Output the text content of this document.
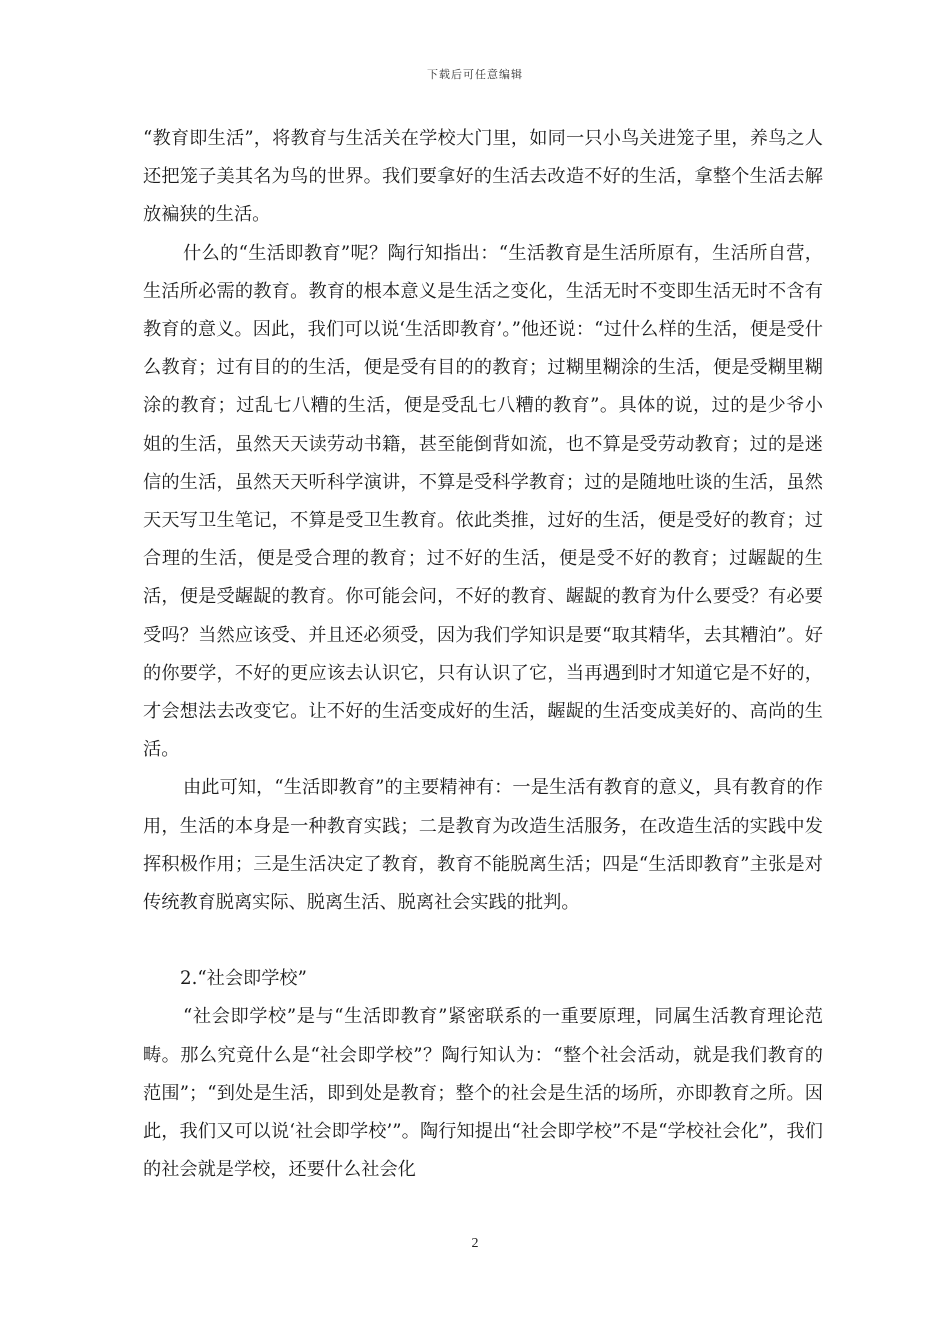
下载后可任意编辑

“教育即生活”，将教育与生活关在学校大门里，如同一只小鸟关进笼子里，养鸟之人还把笼子美其名为鸟的世界。我们要拿好的生活去改造不好的生活，拿整个生活去解放褊狭的生活。

什么的“生活即教育”呢？陶行知指出：“生活教育是生活所原有，生活所自营，生活所必需的教育。教育的根本意义是生活之变化，生活无时不变即生活无时不含有教育的意义。因此，我们可以说‘生活即教育’。”他还说：“过什么样的生活，便是受什么教育；过有目的的生活，便是受有目的的教育；过糊里糊涂的生活，便是受糊里糊涂的教育；过乱七八糟的生活，便是受乱七八糟的教育”。具体的说，过的是少爷小姐的生活，虽然天天读劳动书籍，甚至能倒背如流，也不算是受劳动教育；过的是迷信的生活，虽然天天听科学演讲，不算是受科学教育；过的是随地吐谈的生活，虽然天天写卫生笔记，不算是受卫生教育。依此类推，过好的生活，便是受好的教育；过合理的生活，便是受合理的教育；过不好的生活，便是受不好的教育；过龌龊的生活，便是受龌龊的教育。你可能会问，不好的教育、龌龊的教育为什么要受？有必要受吗？当然应该受、并且还必须受，因为我们学知识是要“取其精华，去其糟泊”。好的你要学，不好的更应该去认识它，只有认识了它，当再遇到时才知道它是不好的，才会想法去改变它。让不好的生活变成好的生活，龌龊的生活变成美好的、高尚的生活。

由此可知，“生活即教育”的主要精神有：一是生活有教育的意义，具有教育的作用，生活的本身是一种教育实践；二是教育为改造生活服务，在改造生活的实践中发挥积极作用；三是生活决定了教育，教育不能脱离生活；四是“生活即教育”主张是对传统教育脱离实际、脱离生活、脱离社会实践的批判。

2.“社会即学校”

“社会即学校”是与“生活即教育”紧密联系的一重要原理，同属生活教育理论范畴。那么究竟什么是“社会即学校”？陶行知认为：“整个社会活动，就是我们教育的范围”；“到处是生活，即到处是教育；整个的社会是生活的场所，亦即教育之所。因此，我们又可以说‘社会即学校’”。陶行知提出“社会即学校”不是“学校社会化”，我们的社会就是学校，还要什么社会化

2
